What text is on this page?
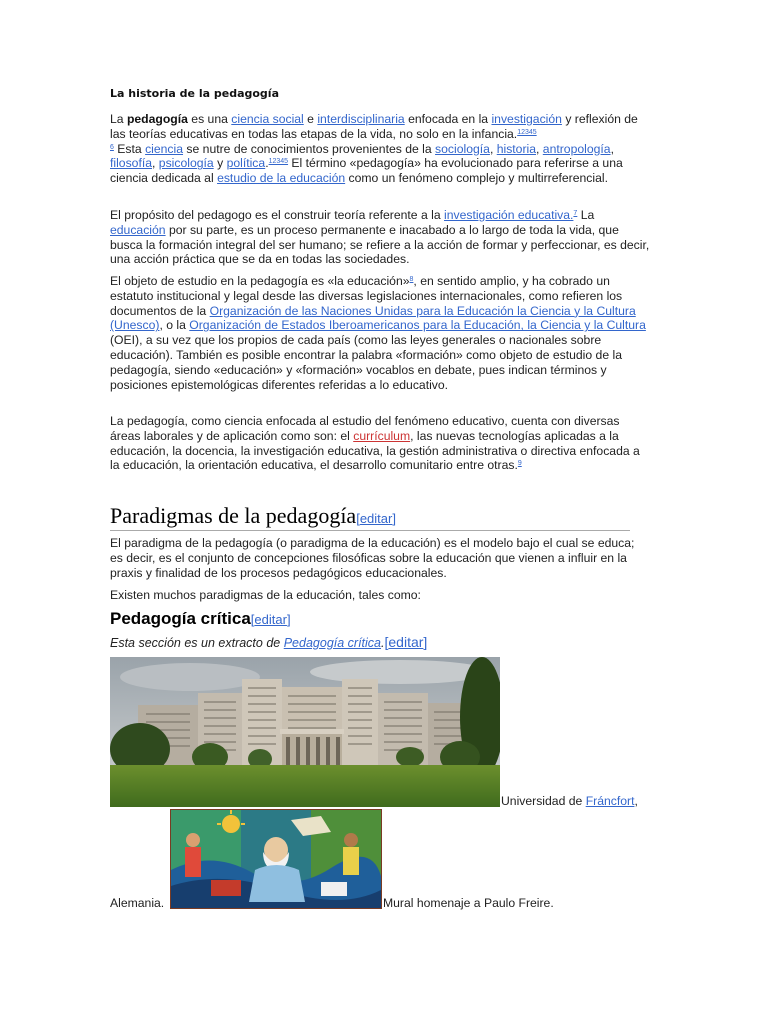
La historia de la pedagogía

La pedagogía es una ciencia social e interdisciplinaria enfocada en la investigación y reflexión de las teorías educativas en todas las etapas de la vida, no solo en la infancia.$^{12345}$
$^6$ Esta ciencia se nutre de conocimientos provenientes de la sociología, historia, antropología, filosofía, psicología y política.$^{12345}$ El término «pedagogía» ha evolucionado para referirse a una ciencia dedicada al estudio de la educación como un fenómeno complejo y multirreferencial.

El propósito del pedagogo es el construir teoría referente a la investigación educativa.$^7$ La educación por su parte, es un proceso permanente e inacabado a lo largo de toda la vida, que busca la formación integral del ser humano; se refiere a la acción de formar y perfeccionar, es decir, una acción práctica que se da en todas las sociedades.

El objeto de estudio en la pedagogía es «la educación»$^8$, en sentido amplio, y ha cobrado un estatuto institucional y legal desde las diversas legislaciones internacionales, como refieren los documentos de la Organización de las Naciones Unidas para la Educación la Ciencia y la Cultura (Unesco), o la Organización de Estados Iberoamericanos para la Educación, la Ciencia y la Cultura (OEI), a su vez que los propios de cada país (como las leyes generales o nacionales sobre educación). También es posible encontrar la palabra «formación» como objeto de estudio de la pedagogía, siendo «educación» y «formación» vocablos en debate, pues indican términos y posiciones epistemológicas diferentes referidas a lo educativo.

La pedagogía, como ciencia enfocada al estudio del fenómeno educativo, cuenta con diversas áreas laborales y de aplicación como son: el currículum, las nuevas tecnologías aplicadas a la educación, la docencia, la investigación educativa, la gestión administrativa o directiva enfocada a la educación, la orientación educativa, el desarrollo comunitario entre otras.$^9$

Paradigmas de la pedagogía[editar]

El paradigma de la pedagogía (o paradigma de la educación) es el modelo bajo el cual se educa; es decir, es el conjunto de concepciones filosóficas sobre la educación que vienen a influir en la praxis y finalidad de los procesos pedagógicos educacionales.

Existen muchos paradigmas de la educación, tales como:

Pedagogía crítica[editar]

Esta sección es un extracto de Pedagogía crítica.[editar]

Universidad de Fráncfort,
Alemania.	Mural homenaje a Paulo Freire.
